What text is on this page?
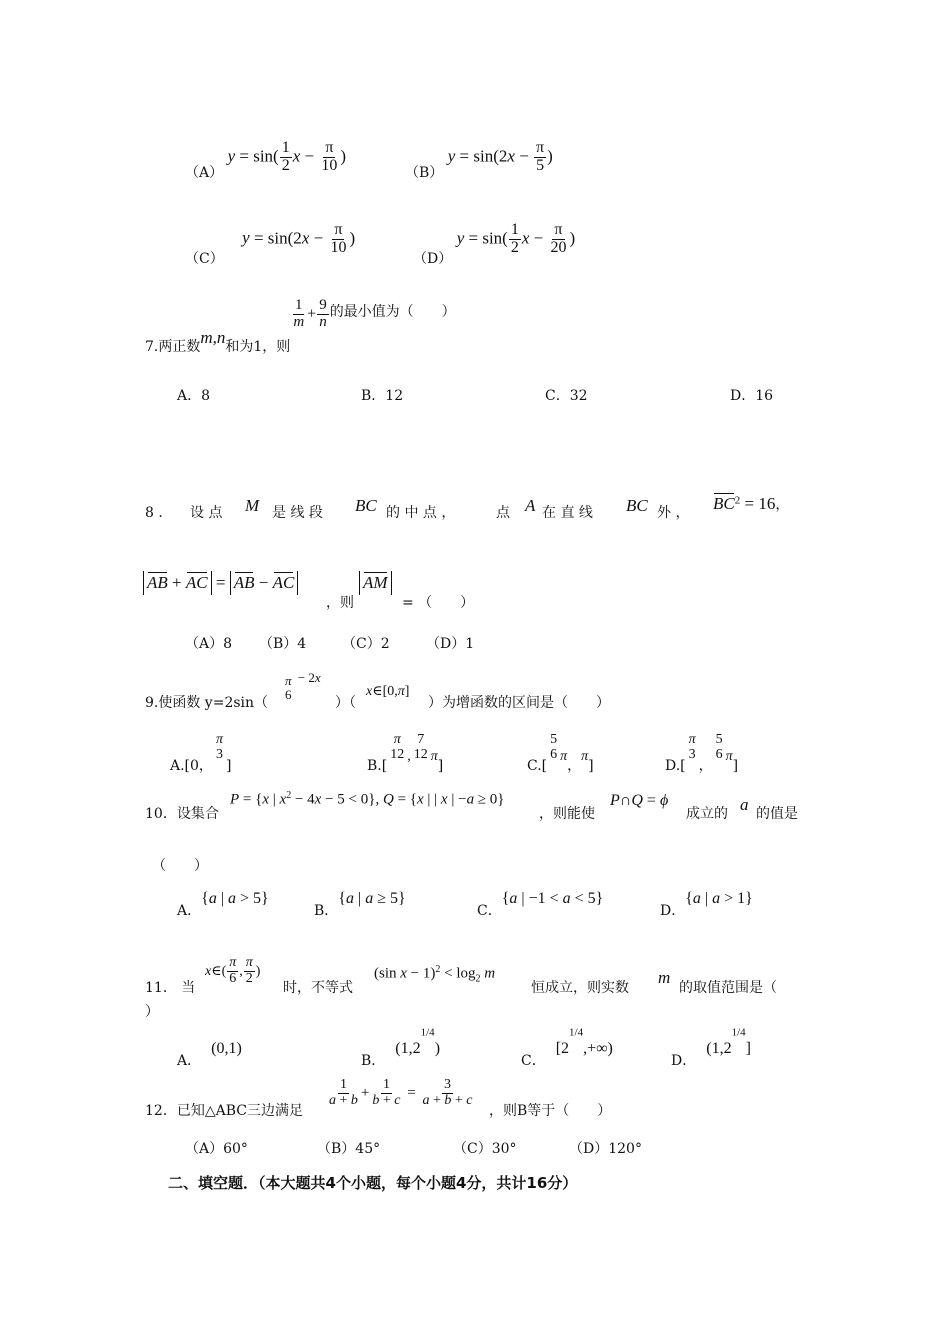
（A） $y = \sin( \frac{1}{2}$ $x - \frac{\pi}{10}$ )
（B） $y = \sin(2x - \frac{\pi}{5}$ )
（C） $y = \sin(2x - \frac{\pi}{10}$ )
（D） $y = \sin( \frac{1}{2}$ $x - \frac{\pi}{20}$ )
7.两正数m,n和为1，则
$\frac{1}{m} + \frac{9}{n}$ 的最小值为（　　）
A．8	B．12	C．32	D．16
8 ． 设 点 M 是 线 段 BC 的 中 点 ，	点 A 在 直 线 BC 外 ， $BC^2 = 16$，
AB + AC = AB − AC
，则
AM
= （　　）
（A）8 （B）4	（C）2	（D）1
9.使函数 y=2sin（
π
6
− 2x
）（
x∈[0,π]
）为增函数的区间是（　　）
A.[0，
π
3
]	B.[
π
12 ,
7
12 π]	C.[
5
6 π，π]	D.[
π
3
，
5
6 π]
10．设集合
P = {x | $x^2 - 4x - 5 < 0$}, Q = {x | | x | −a ≥ 0}
，则能使
P∩Q = ϕ
成立的 a 的值是
（　　）
A．{a | a > 5}
B．{a | a ≥ 5}
C．{a | −1 < a < 5}
D．{a | a > 1}
11． 当
x∈( $\frac{\pi}{6}$ , $\frac{\pi}{2}$ )
时，不等式
(sin $x - 1)^2 < \log_2 m$
恒成立，则实数
m
的取值范围是（
）
A．(0,1)
B．$(1,2^{1/4})$
C．$[2^{1/4},+\infty)$
D．$(1,2^{1/4}]$
12．已知△ABC三边满足
$\frac{1}{a + b} + \frac{1}{b + c} = \frac{3}{a + b + c}$
，则B等于（　　）
（A）60°	（B）45°	（C）30°	（D）120°
二、填空题．（本大题共4个小题，每个小题4分，共计16分）
